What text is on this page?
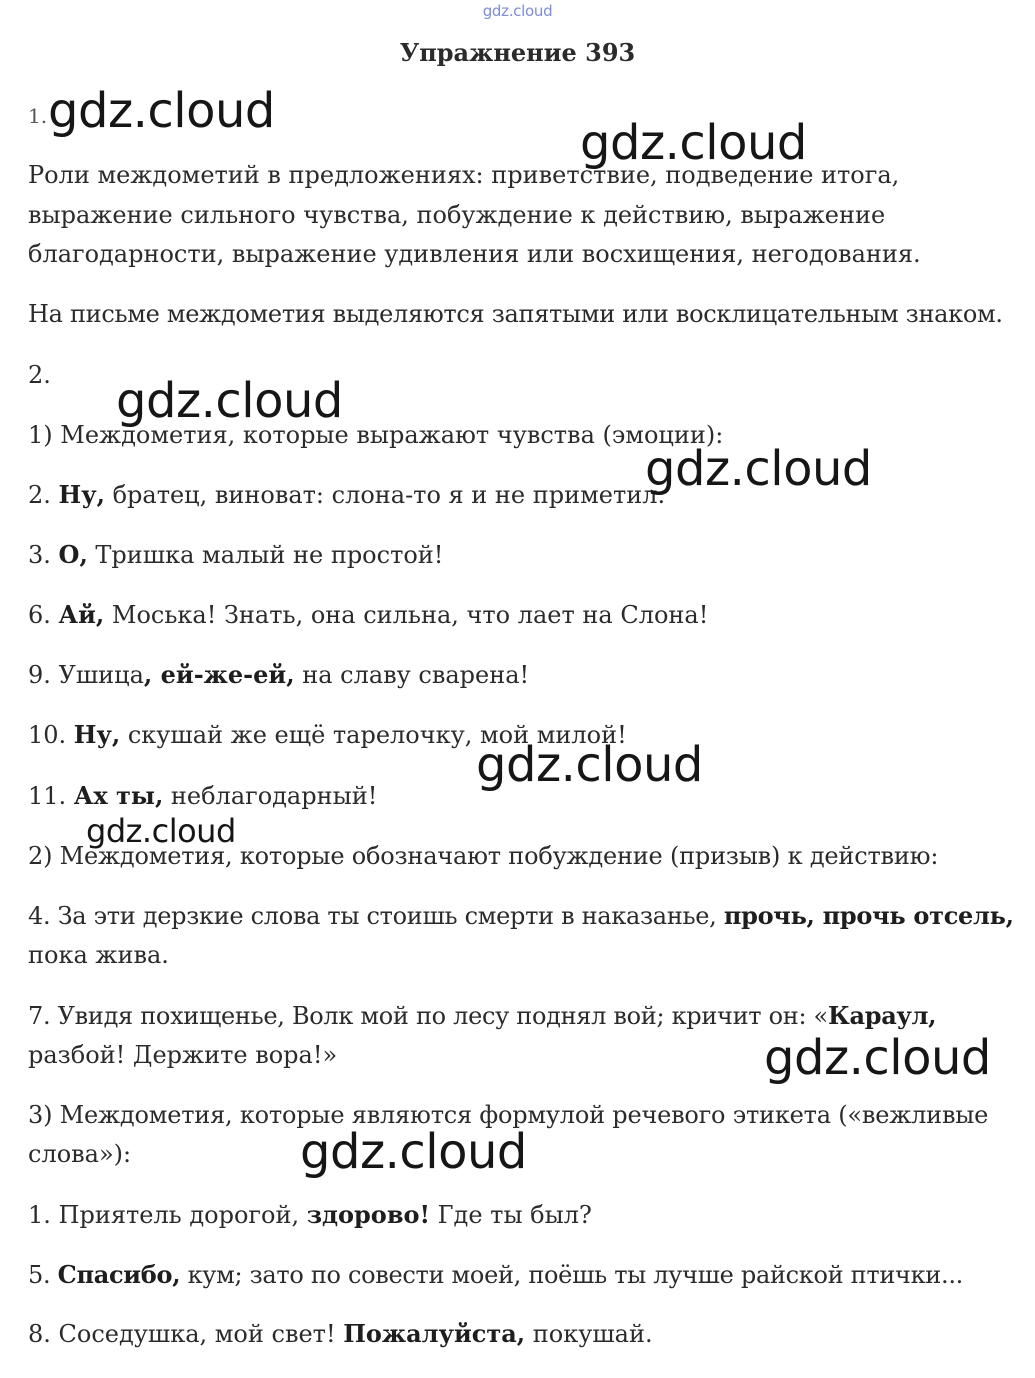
gdz.cloud
Упражнение 393
1.
Роли междометий в предложениях: приветствие, подведение итога,
выражение сильного чувства, побуждение к действию, выражение
благодарности, выражение удивления или восхищения, негодования.
На письме междометия выделяются запятыми или восклицательным знаком.
2.
1) Междометия, которые выражают чувства (эмоции):
2. Ну, братец, виноват: слона-то я и не приметил.
3. О, Тришка малый не простой!
6. Ай, Моська! Знать, она сильна, что лает на Слона!
9. Ушица, ей-же-ей, на славу сварена!
10. Ну, скушай же ещё тарелочку, мой милой!
11. Ах ты, неблагодарный!
2) Междометия, которые обозначают побуждение (призыв) к действию:
4. За эти дерзкие слова ты стоишь смерти в наказанье, прочь, прочь отсель,
пока жива.
7. Увидя похищенье, Волк мой по лесу поднял вой; кричит он: «Караул,
разбой! Держите вора!»
3) Междометия, которые являются формулой речевого этикета («вежливые
слова»):
1. Приятель дорогой, здорово! Где ты был?
5. Спасибо, кум; зато по совести моей, поёшь ты лучше райской птички...
8. Соседушка, мой свет! Пожалуйста, покушай.
gdz.cloud
gdz.cloud
gdz.cloud
gdz.cloud
gdz.cloud
gdz.cloud
gdz.cloud
gdz.cloud
